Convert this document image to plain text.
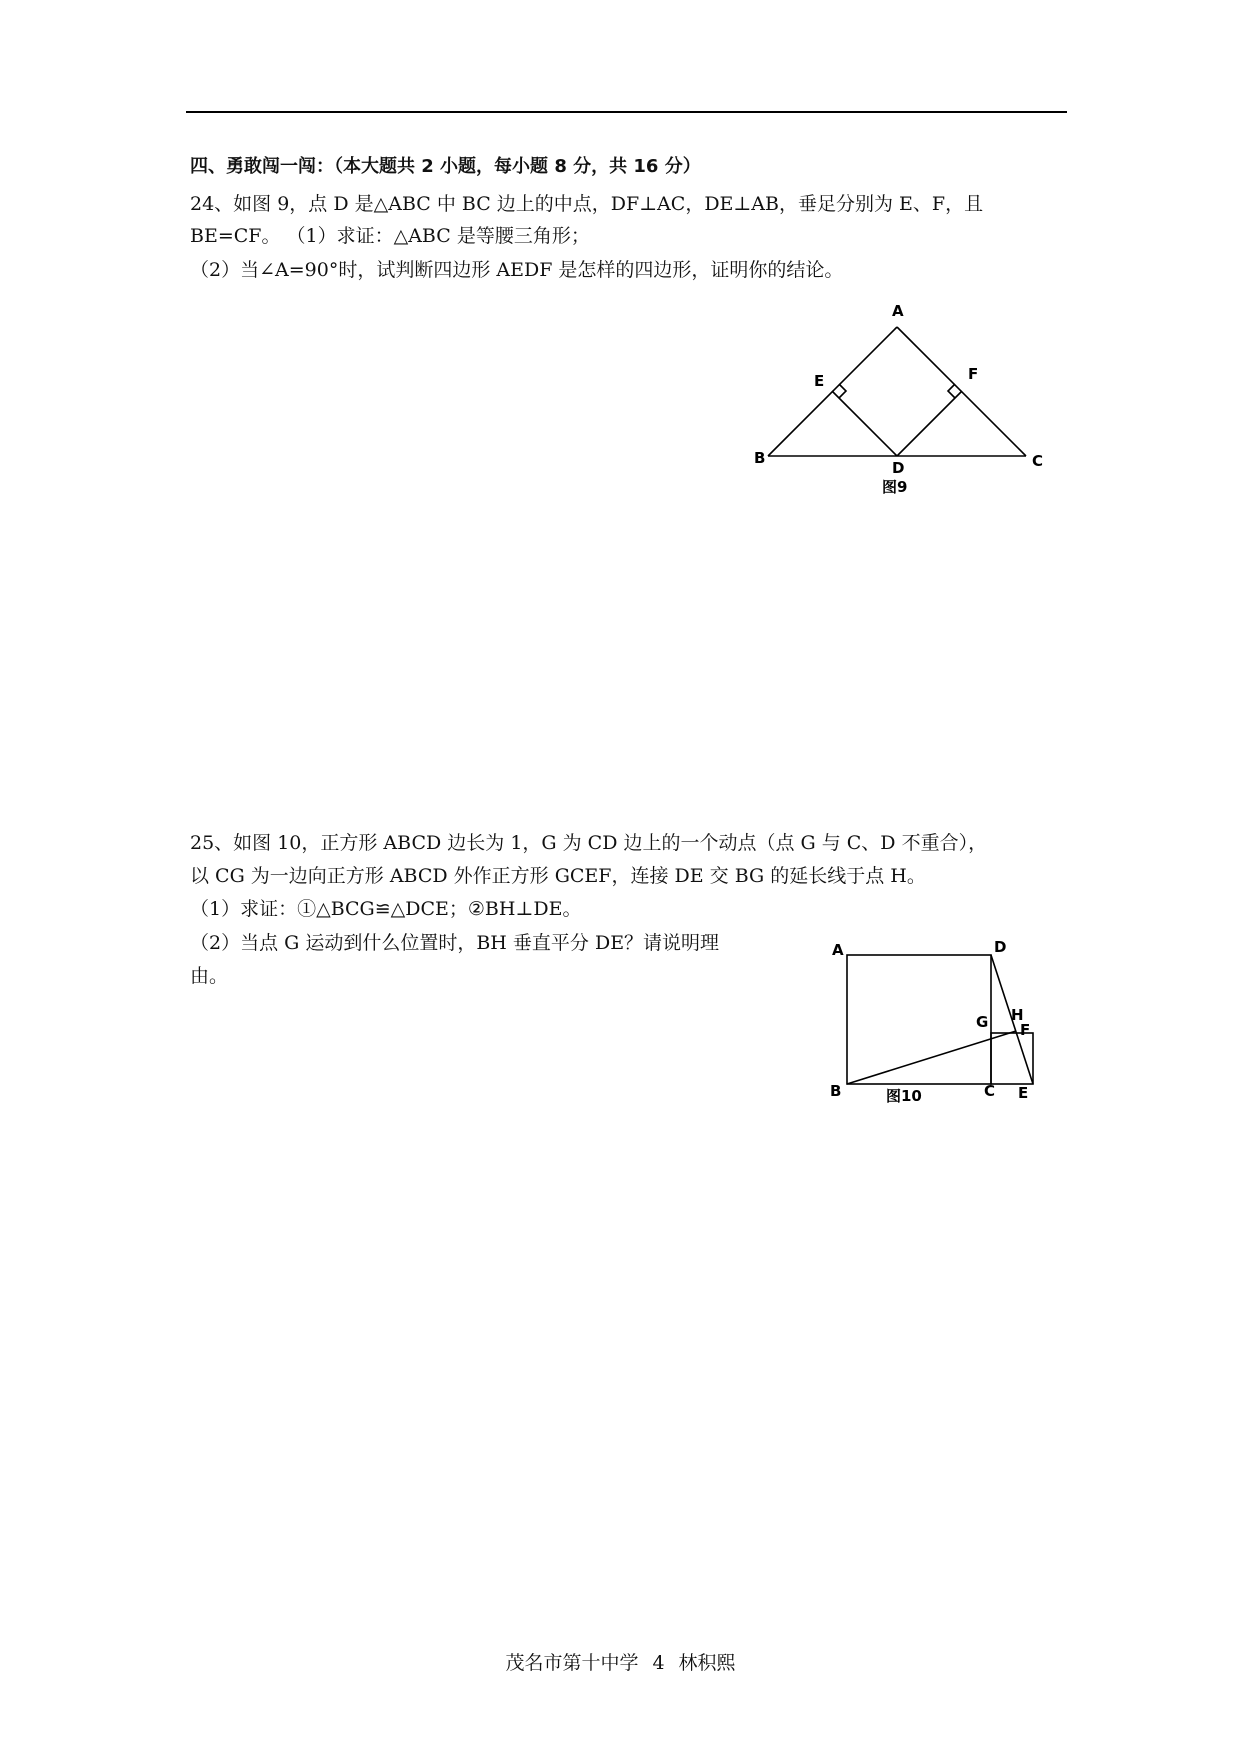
四、勇敢闯一闯：（本大题共 2 小题，每小题 8 分，共 16 分）
24、如图 9，点 D 是△ABC 中 BC 边上的中点，DF⊥AC，DE⊥AB，垂足分别为 E、F，且
BE=CF。 （1）求证：△ABC 是等腰三角形；
（2）当∠A=90°时，试判断四边形 AEDF 是怎样的四边形，证明你的结论。
A
E	F
B
D	C
图9
25、如图 10，正方形 ABCD 边长为 1，G 为 CD 边上的一个动点（点 G 与 C、D 不重合），
以 CG 为一边向正方形 ABCD 外作正方形 GCEF，连接 DE 交 BG 的延长线于点 H。
（1）求证：①△BCG≌△DCE；②BH⊥DE。
（2）当点 G 运动到什么位置时，BH 垂直平分 DE？请说明理
由。
A	D
G H
F
B	图10	C E
茂名市第十中学 4 林积熙
